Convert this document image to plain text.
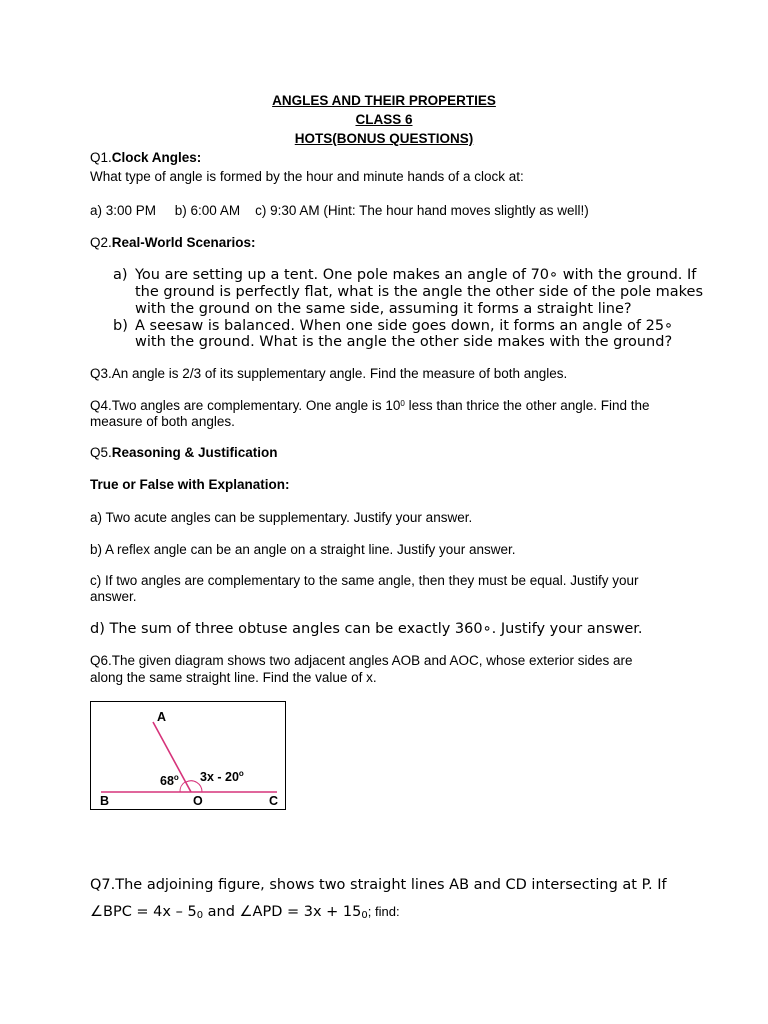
ANGLES AND THEIR PROPERTIES
CLASS 6
HOTS(BONUS QUESTIONS)
Q1.Clock Angles:
What type of angle is formed by the hour and minute hands of a clock at:
a) 3:00 PM     b) 6:00 AM    c) 9:30 AM (Hint: The hour hand moves slightly as well!)
Q2.Real-World Scenarios:
a) You are setting up a tent. One pole makes an angle of 70∘ with the ground. If
the ground is perfectly flat, what is the angle the other side of the pole makes
with the ground on the same side, assuming it forms a straight line?
b) A seesaw is balanced. When one side goes down, it forms an angle of 25∘
with the ground. What is the angle the other side makes with the ground?
Q3.An angle is 2/3 of its supplementary angle. Find the measure of both angles.
Q4.Two angles are complementary. One angle is $10^0$ less than thrice the other angle. Find the
measure of both angles.
Q5.Reasoning & Justification
True or False with Explanation:
a) Two acute angles can be supplementary. Justify your answer.
b) A reflex angle can be an angle on a straight line. Justify your answer.
c) If two angles are complementary to the same angle, then they must be equal. Justify your
answer.
d) The sum of three obtuse angles can be exactly 360∘. Justify your answer.
Q6.The given diagram shows two adjacent angles AOB and AOC, whose exterior sides are
along the same straight line. Find the value of x.
A
B	O	C
68$^o$ 3x - 20$^o$
Q7.The adjoining figure, shows two straight lines AB and CD intersecting at P. If
∠BPC = 4x – 50 and ∠APD = 3x + 150; find:
